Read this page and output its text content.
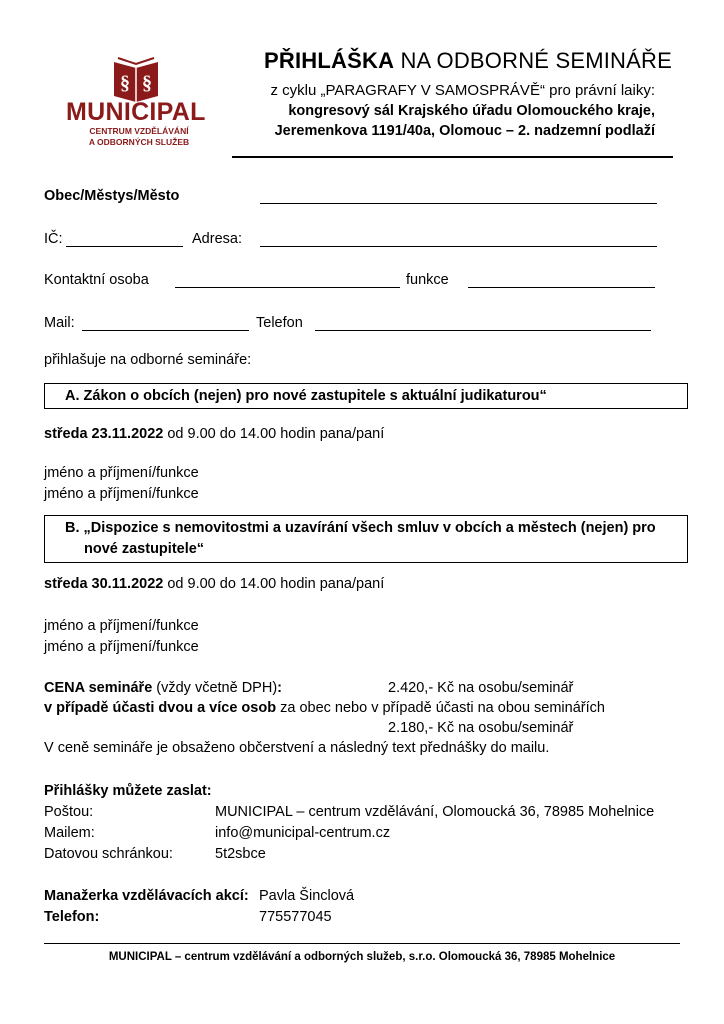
§ §
MUNICIPAL
CENTRUM VZDĚLÁVÁNÍ
A ODBORNÝCH SLUŽEB
PŘIHLÁŠKA NA ODBORNÉ SEMINÁŘE
z cyklu „PARAGRAFY V SAMOSPRÁVĚ“ pro právní laiky:
kongresový sál Krajského úřadu Olomouckého kraje,
Jeremenkova 1191/40a, Olomouc – 2. nadzemní podlaží
Obec/Městys/Město
IČ:	Adresa:
Kontaktní osoba	funkce
Mail:	Telefon
přihlašuje na odborné semináře:
A. Zákon o obcích (nejen) pro nové zastupitele s aktuální judikaturou“
středa 23.11.2022 od 9.00 do 14.00 hodin pana/paní
jméno a příjmení/funkce
jméno a příjmení/funkce
B. „Dispozice s nemovitostmi a uzavírání všech smluv v obcích a městech (nejen) pro
nové zastupitele“
středa 30.11.2022 od 9.00 do 14.00 hodin pana/paní
jméno a příjmení/funkce
jméno a příjmení/funkce
CENA semináře (vždy včetně DPH):	2.420,- Kč na osobu/seminář
v případě účasti dvou a více osob za obec nebo v případě účasti na obou seminářích
2.180,- Kč na osobu/seminář
V ceně semináře je obsaženo občerstvení a následný text přednášky do mailu.
Přihlášky můžete zaslat:
Poštou:	MUNICIPAL – centrum vzdělávání, Olomoucká 36, 78985 Mohelnice
Mailem:	info@municipal-centrum.cz
Datovou schránkou:	5t2sbce
Manažerka vzdělávacích akcí: Pavla Šinclová
Telefon:	775577045
MUNICIPAL – centrum vzdělávání a odborných služeb, s.r.o. Olomoucká 36, 78985 Mohelnice
